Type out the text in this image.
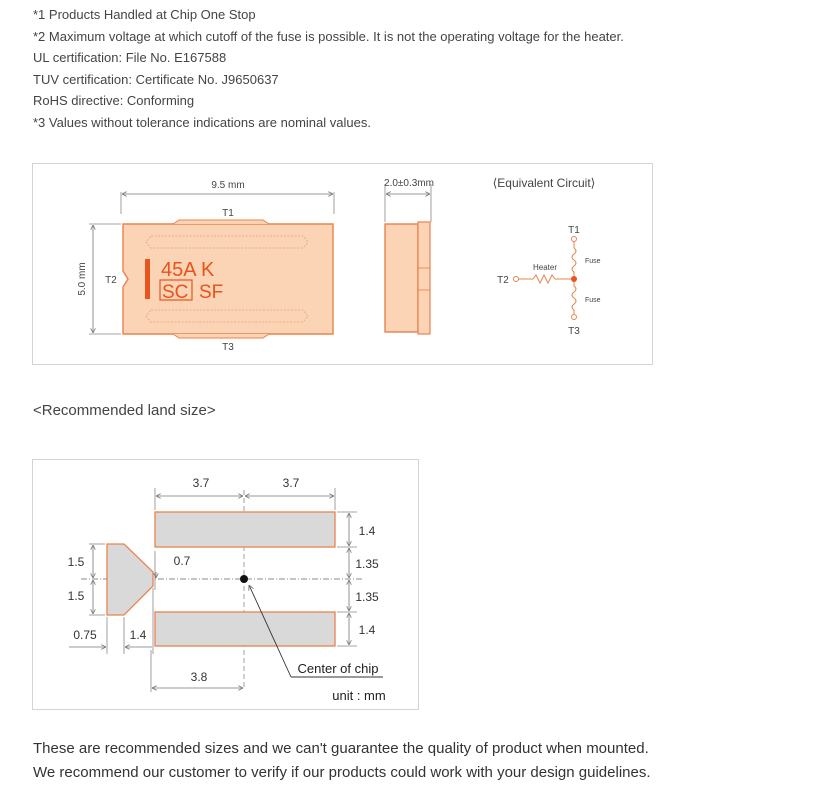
*1 Products Handled at Chip One Stop
*2 Maximum voltage at which cutoff of the fuse is possible. It is not the operating voltage for the heater.
UL certification: File No. E167588
TUV certification: Certificate No. J9650637
RoHS directive: Conforming
*3 Values without tolerance indications are nominal values.
9.5 mm
5.0 mm	45A K
SC SF
T1
T2
T3
2.0±0.3mm	⟨Equivalent Circuit⟩
T1
T2
T3
Heater
Fuse
Fuse
<Recommended land size>
3.7	3.7
1.4
1.35
1.35
1.4
1.5
1.5
0.75	1.4
0.7
3.8
Center of chip
unit : mm
These are recommended sizes and we can't guarantee the quality of product when mounted.
We recommend our customer to verify if our products could work with your design guidelines.
